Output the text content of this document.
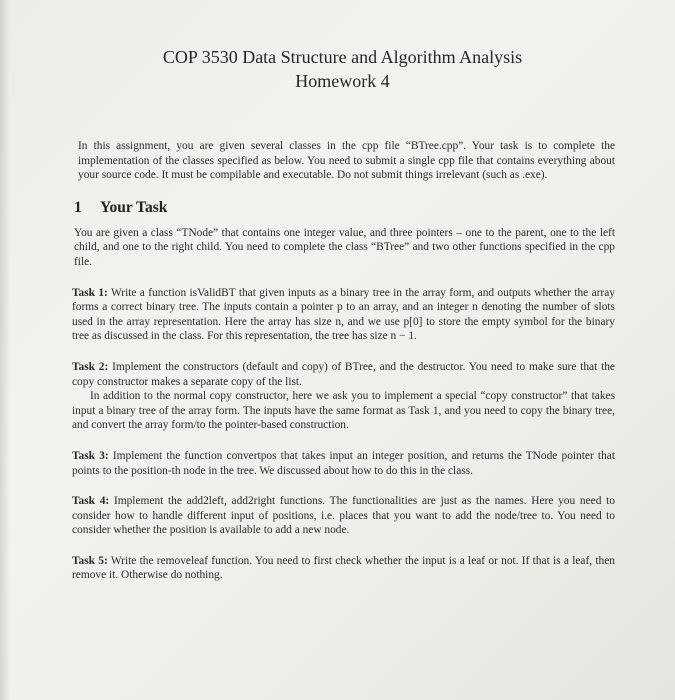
COP 3530 Data Structure and Algorithm Analysis
Homework 4

In this assignment, you are given several classes in the cpp file “BTree.cpp”. Your task is to complete the implementation of the classes specified as below. You need to submit a single cpp file that contains everything about your source code. It must be compilable and executable. Do not submit things irrelevant (such as .exe).

1 Your Task

You are given a class “TNode” that contains one integer value, and three pointers – one to the parent, one to the left child, and one to the right child. You need to complete the class “BTree” and two other functions specified in the cpp file.

Task 1: Write a function isValidBT that given inputs as a binary tree in the array form, and outputs whether the array forms a correct binary tree. The inputs contain a pointer p to an array, and an integer n denoting the number of slots used in the array representation. Here the array has size n, and we use p[0] to store the empty symbol for the binary tree as discussed in the class. For this representation, the tree has size n − 1.

Task 2: Implement the constructors (default and copy) of BTree, and the destructor. You need to make sure that the copy constructor makes a separate copy of the list.

In addition to the normal copy constructor, here we ask you to implement a special “copy constructor” that takes input a binary tree of the array form. The inputs have the same format as Task 1, and you need to copy the binary tree, and convert the array form/to the pointer-based construction.

Task 3: Implement the function convertpos that takes input an integer position, and returns the TNode pointer that points to the position-th node in the tree. We discussed about how to do this in the class.

Task 4: Implement the add2left, add2right functions. The functionalities are just as the names. Here you need to consider how to handle different input of positions, i.e. places that you want to add the node/tree to. You need to consider whether the position is available to add a new node.

Task 5: Write the removeleaf function. You need to first check whether the input is a leaf or not. If that is a leaf, then remove it. Otherwise do nothing.
